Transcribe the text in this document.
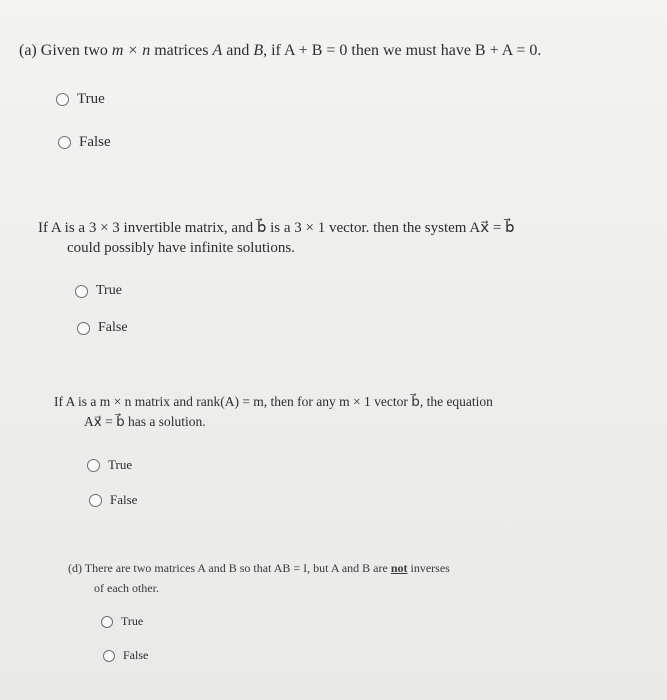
(a) Given two m × n matrices A and B, if A + B = 0 then we must have B + A = 0.
True
False
If A is a 3 × 3 invertible matrix, and b⃗ is a 3 × 1 vector. then the system Ax⃗ = b⃗
could possibly have infinite solutions.
True
False
If A is a m × n matrix and rank(A) = m, then for any m × 1 vector b⃗, the equation
Ax⃗ = b⃗ has a solution.
True
False
(d) There are two matrices A and B so that AB = I, but A and B are not inverses
of each other.
True
False
